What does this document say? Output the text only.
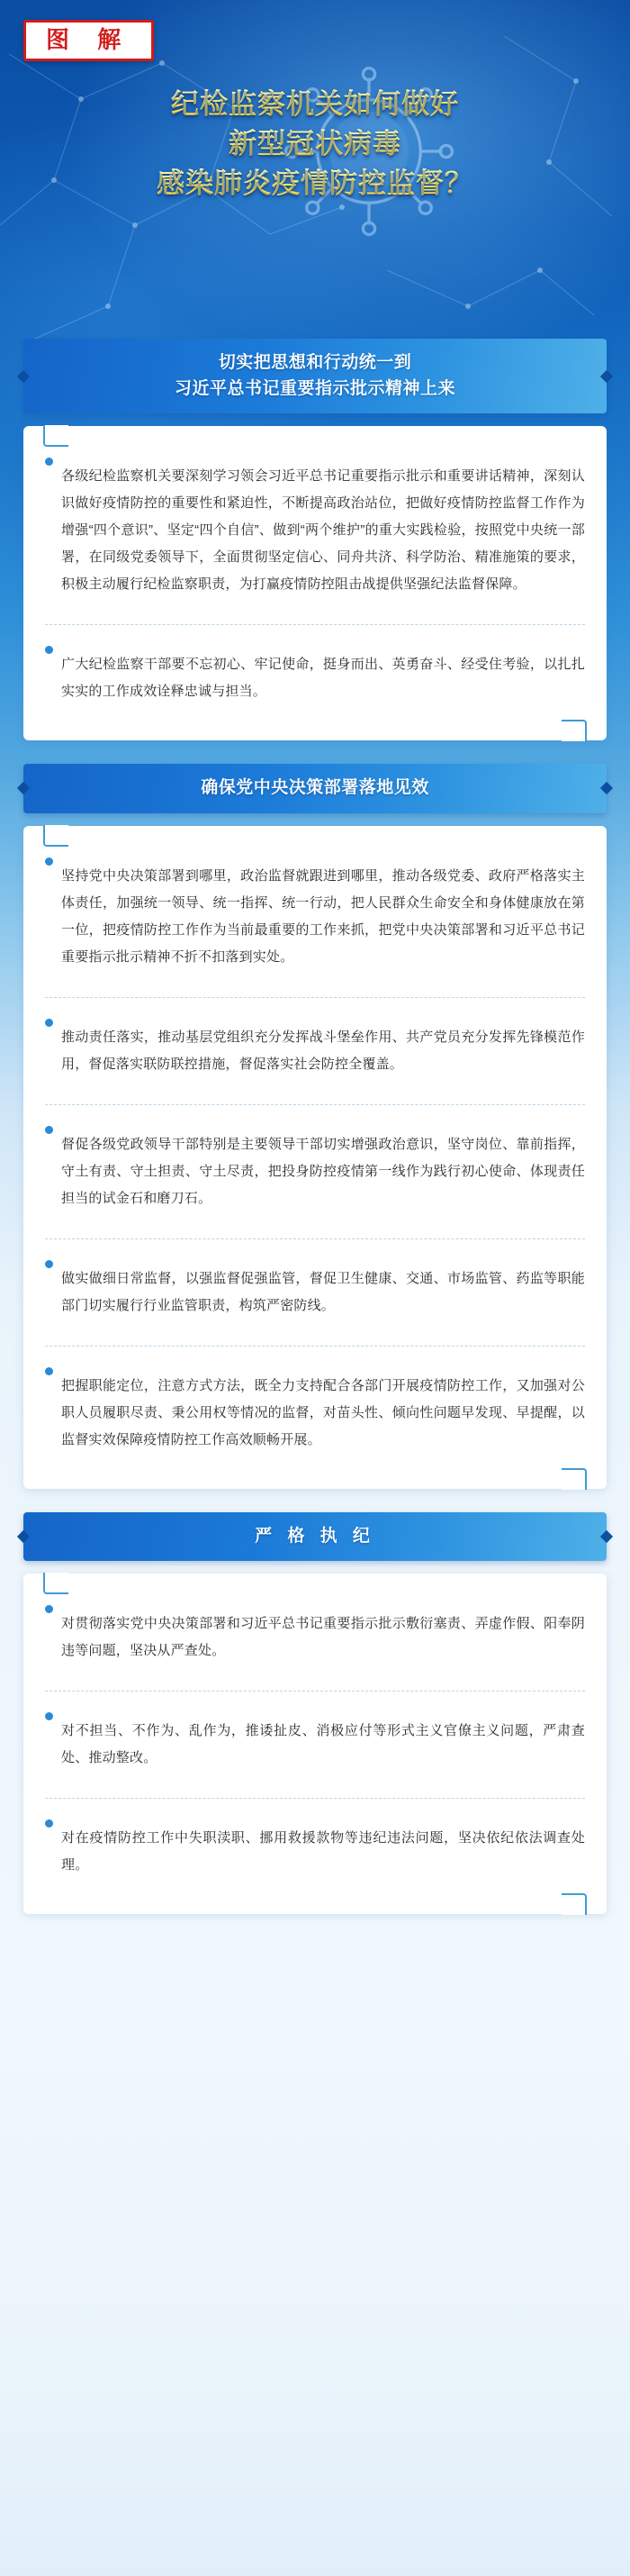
图 解
纪检监察机关如何做好
新型冠状病毒
感染肺炎疫情防控监督？
切实把思想和行动统一到
习近平总书记重要指示批示精神上来

各级纪检监察机关要深刻学习领会习近平总书记重要指示批示和重要讲话精神，深刻认识做好疫情防控的重要性和紧迫性，不断提高政治站位，把做好疫情防控监督工作作为增强“四个意识”、坚定“四个自信”、做到“两个维护”的重大实践检验，按照党中央统一部署，在同级党委领导下，全面贯彻坚定信心、同舟共济、科学防治、精准施策的要求，积极主动履行纪检监察职责，为打赢疫情防控阻击战提供坚强纪法监督保障。

广大纪检监察干部要不忘初心、牢记使命，挺身而出、英勇奋斗、经受住考验，以扎扎实实的工作成效诠释忠诚与担当。

确保党中央决策部署落地见效

坚持党中央决策部署到哪里，政治监督就跟进到哪里，推动各级党委、政府严格落实主体责任，加强统一领导、统一指挥、统一行动，把人民群众生命安全和身体健康放在第一位，把疫情防控工作作为当前最重要的工作来抓，把党中央决策部署和习近平总书记重要指示批示精神不折不扣落到实处。

推动责任落实，推动基层党组织充分发挥战斗堡垒作用、共产党员充分发挥先锋模范作用，督促落实联防联控措施，督促落实社会防控全覆盖。

督促各级党政领导干部特别是主要领导干部切实增强政治意识，坚守岗位、靠前指挥，守土有责、守土担责、守土尽责，把投身防控疫情第一线作为践行初心使命、体现责任担当的试金石和磨刀石。

做实做细日常监督，以强监督促强监管，督促卫生健康、交通、市场监管、药监等职能部门切实履行行业监管职责，构筑严密防线。

把握职能定位，注意方式方法，既全力支持配合各部门开展疫情防控工作，又加强对公职人员履职尽责、秉公用权等情况的监督，对苗头性、倾向性问题早发现、早提醒，以监督实效保障疫情防控工作高效顺畅开展。

严 格 执 纪

对贯彻落实党中央决策部署和习近平总书记重要指示批示敷衍塞责、弄虚作假、阳奉阴违等问题，坚决从严查处。

对不担当、不作为、乱作为，推诿扯皮、消极应付等形式主义官僚主义问题，严肃查处、推动整改。

对在疫情防控工作中失职渎职、挪用救援款物等违纪违法问题，坚决依纪依法调查处理。
